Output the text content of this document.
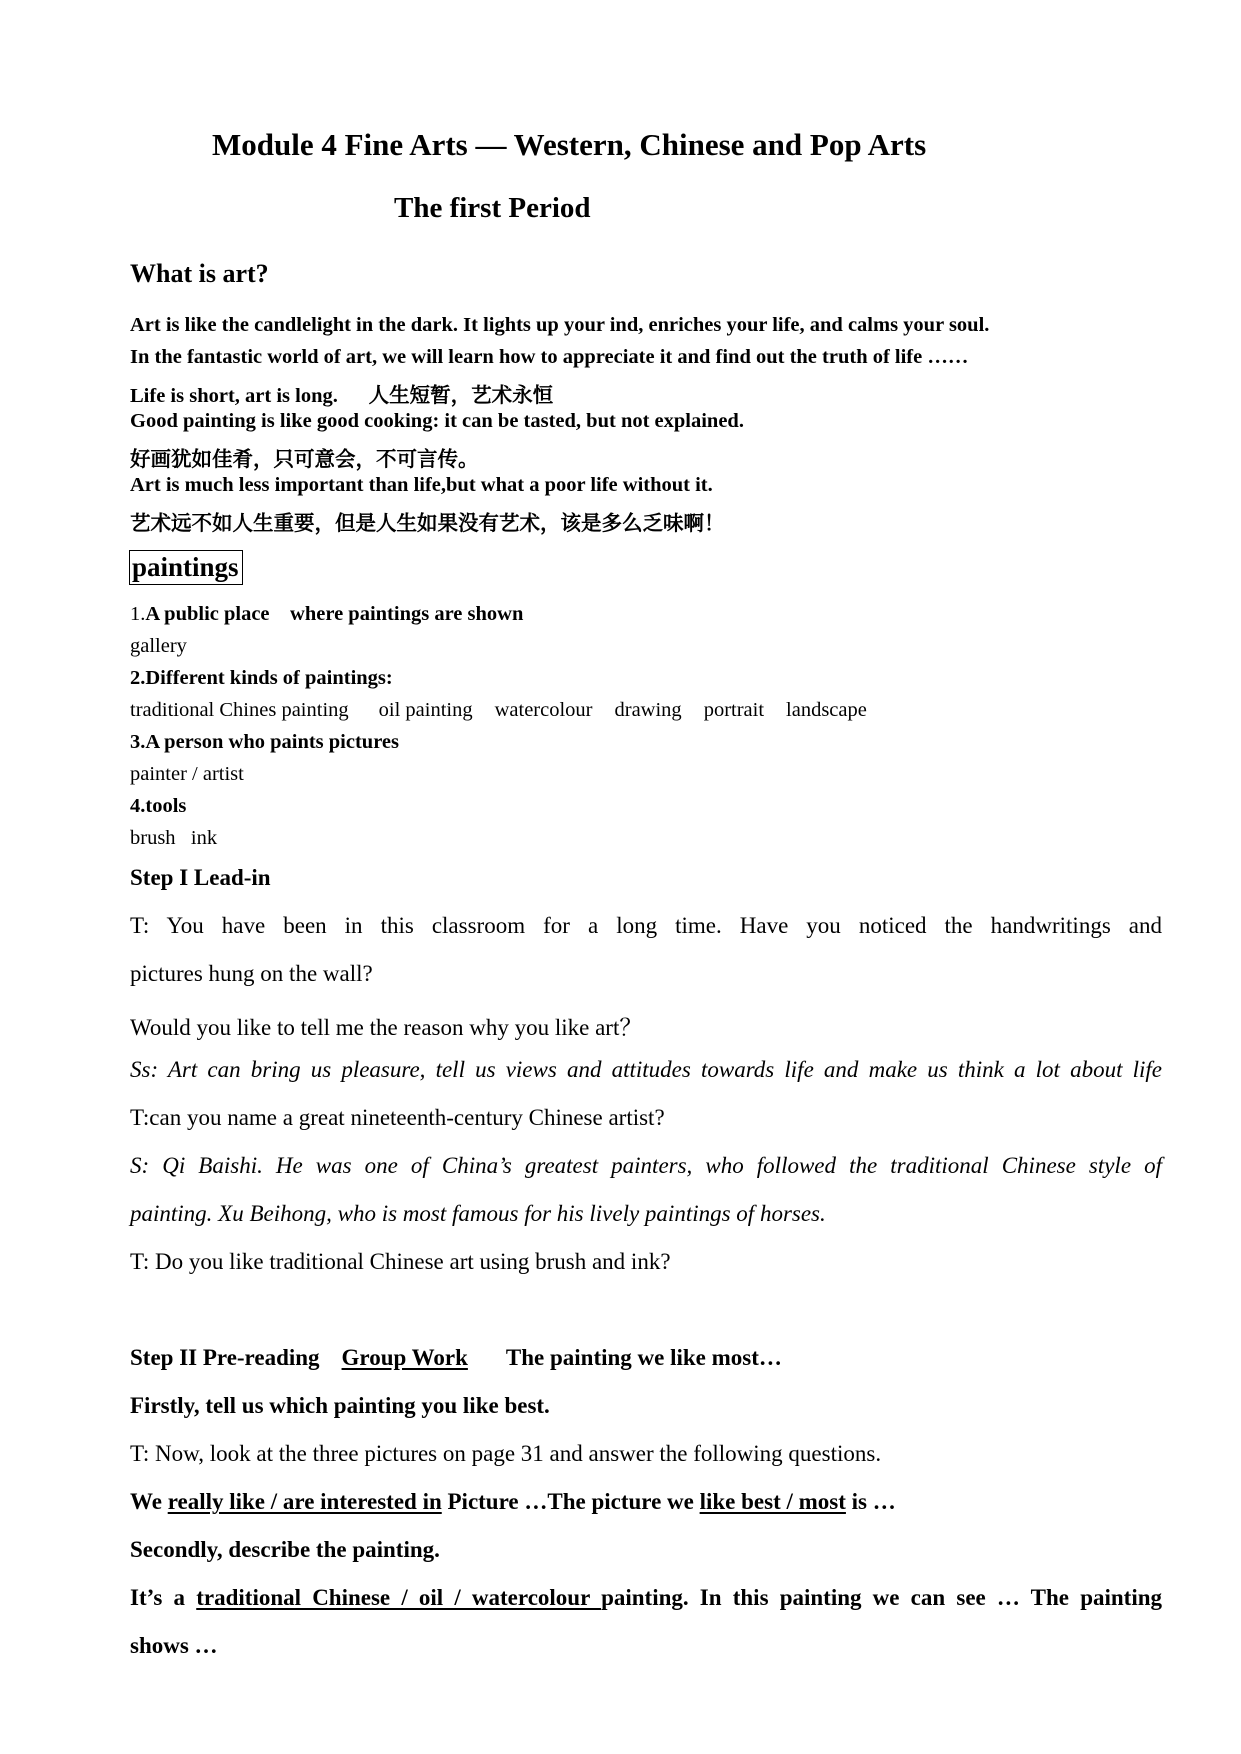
Module 4 Fine Arts — Western, Chinese and Pop Arts
The first Period
What is art?
Art is like the candlelight in the dark. It lights up your ind, enriches your life, and calms your soul.
In the fantastic world of art, we will learn how to appreciate it and find out the truth of life ……
Life is short, art is long.      人生短暂，艺术永恒
Good painting is like good cooking: it can be tasted, but not explained.
好画犹如佳肴，只可意会，不可言传。
Art is much less important than life,but what a poor life without it.
艺术远不如人生重要，但是人生如果没有艺术，该是多么乏味啊！
paintings
1.A public place    where paintings are shown
gallery
2.Different kinds of paintings:
traditional Chines painting oil painting watercolour drawing portrait landscape
3.A person who paints pictures
painter / artist
4.tools
brush   ink
Step I Lead-in
T: You have been in this classroom for a long time. Have you noticed the handwritings and
pictures hung on the wall?
Would you like to tell me the reason why you like art？
Ss: Art can bring us pleasure, tell us views and attitudes towards life and make us think a lot about life
T:can you name a great nineteenth-century Chinese artist?
S: Qi Baishi. He was one of China’s greatest painters, who followed the traditional Chinese style of
painting. Xu Beihong, who is most famous for his lively paintings of horses.
T: Do you like traditional Chinese art using brush and ink?
Step II Pre-reading Group Work The painting we like most…
Firstly, tell us which painting you like best.
T: Now, look at the three pictures on page 31 and answer the following questions.
We really like / are interested in Picture …The picture we like best / most is …
Secondly, describe the painting.
It’s a traditional Chinese / oil / watercolour painting. In this painting we can see … The painting
shows …
